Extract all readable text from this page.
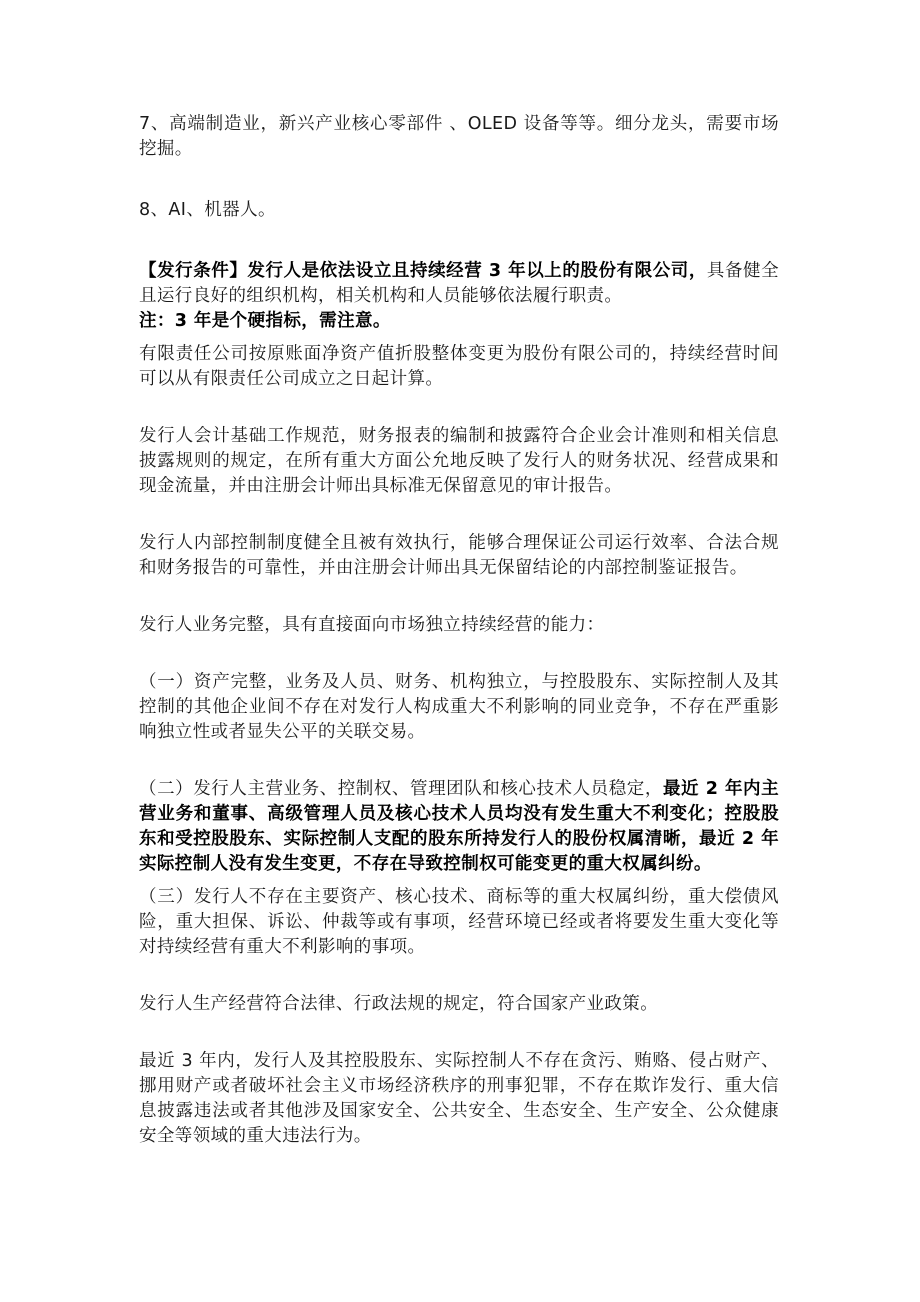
7、高端制造业，新兴产业核心零部件 、OLED 设备等等。细分龙头，需要市场挖掘。

8、AI、机器人。

【发行条件】发行人是依法设立且持续经营 3 年以上的股份有限公司，具备健全且运行良好的组织机构，相关机构和人员能够依法履行职责。

注：3 年是个硬指标，需注意。

有限责任公司按原账面净资产值折股整体变更为股份有限公司的，持续经营时间可以从有限责任公司成立之日起计算。

发行人会计基础工作规范，财务报表的编制和披露符合企业会计准则和相关信息披露规则的规定，在所有重大方面公允地反映了发行人的财务状况、经营成果和现金流量，并由注册会计师出具标准无保留意见的审计报告。

发行人内部控制制度健全且被有效执行，能够合理保证公司运行效率、合法合规和财务报告的可靠性，并由注册会计师出具无保留结论的内部控制鉴证报告。

发行人业务完整，具有直接面向市场独立持续经营的能力：

（一）资产完整，业务及人员、财务、机构独立，与控股股东、实际控制人及其控制的其他企业间不存在对发行人构成重大不利影响的同业竞争，不存在严重影响独立性或者显失公平的关联交易。

（二）发行人主营业务、控制权、管理团队和核心技术人员稳定，最近 2 年内主营业务和董事、高级管理人员及核心技术人员均没有发生重大不利变化；控股股东和受控股股东、实际控制人支配的股东所持发行人的股份权属清晰，最近 2 年实际控制人没有发生变更，不存在导致控制权可能变更的重大权属纠纷。

（三）发行人不存在主要资产、核心技术、商标等的重大权属纠纷，重大偿债风险，重大担保、诉讼、仲裁等或有事项，经营环境已经或者将要发生重大变化等对持续经营有重大不利影响的事项。

发行人生产经营符合法律、行政法规的规定，符合国家产业政策。

最近 3 年内，发行人及其控股股东、实际控制人不存在贪污、贿赂、侵占财产、挪用财产或者破坏社会主义市场经济秩序的刑事犯罪，不存在欺诈发行、重大信息披露违法或者其他涉及国家安全、公共安全、生态安全、生产安全、公众健康安全等领域的重大违法行为。
